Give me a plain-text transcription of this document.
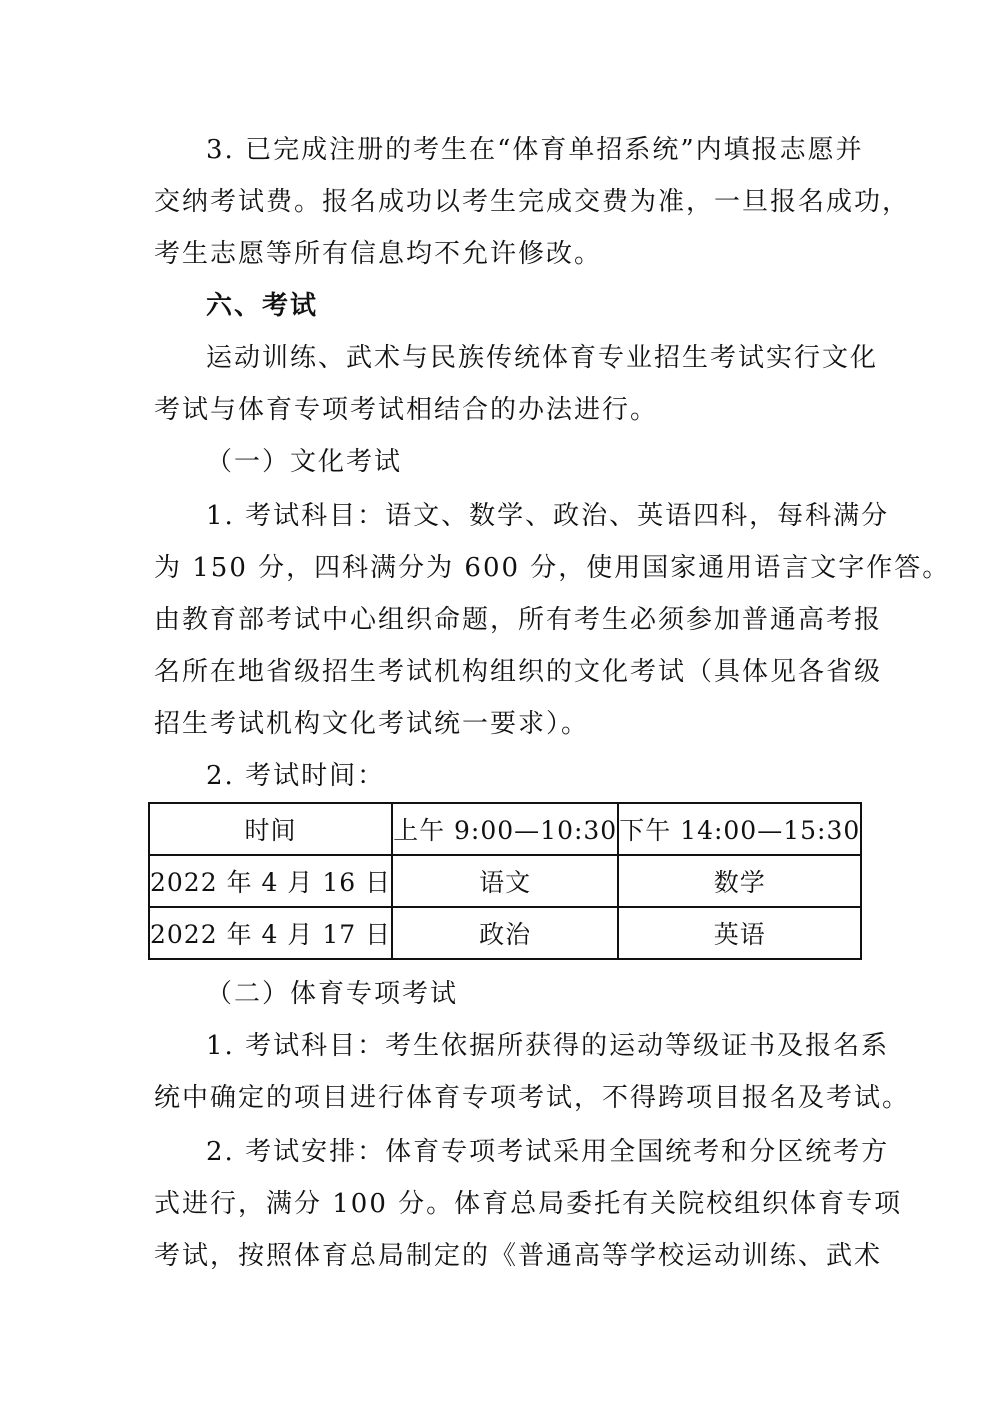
3. 已完成注册的考生在“体育单招系统”内填报志愿并
交纳考试费。报名成功以考生完成交费为准，一旦报名成功，
考生志愿等所有信息均不允许修改。
六、考试
运动训练、武术与民族传统体育专业招生考试实行文化
考试与体育专项考试相结合的办法进行。
（一）文化考试
1. 考试科目：语文、数学、政治、英语四科，每科满分
为 150 分，四科满分为 600 分，使用国家通用语言文字作答。
由教育部考试中心组织命题，所有考生必须参加普通高考报
名所在地省级招生考试机构组织的文化考试（具体见各省级
招生考试机构文化考试统一要求）。
2. 考试时间：
时间	上午 9:00—10:30	下午 14:00—15:30
2022 年 4 月 16 日	语文	数学
2022 年 4 月 17 日	政治	英语
（二）体育专项考试
1. 考试科目：考生依据所获得的运动等级证书及报名系
统中确定的项目进行体育专项考试，不得跨项目报名及考试。
2. 考试安排：体育专项考试采用全国统考和分区统考方
式进行，满分 100 分。体育总局委托有关院校组织体育专项
考试，按照体育总局制定的《普通高等学校运动训练、武术
